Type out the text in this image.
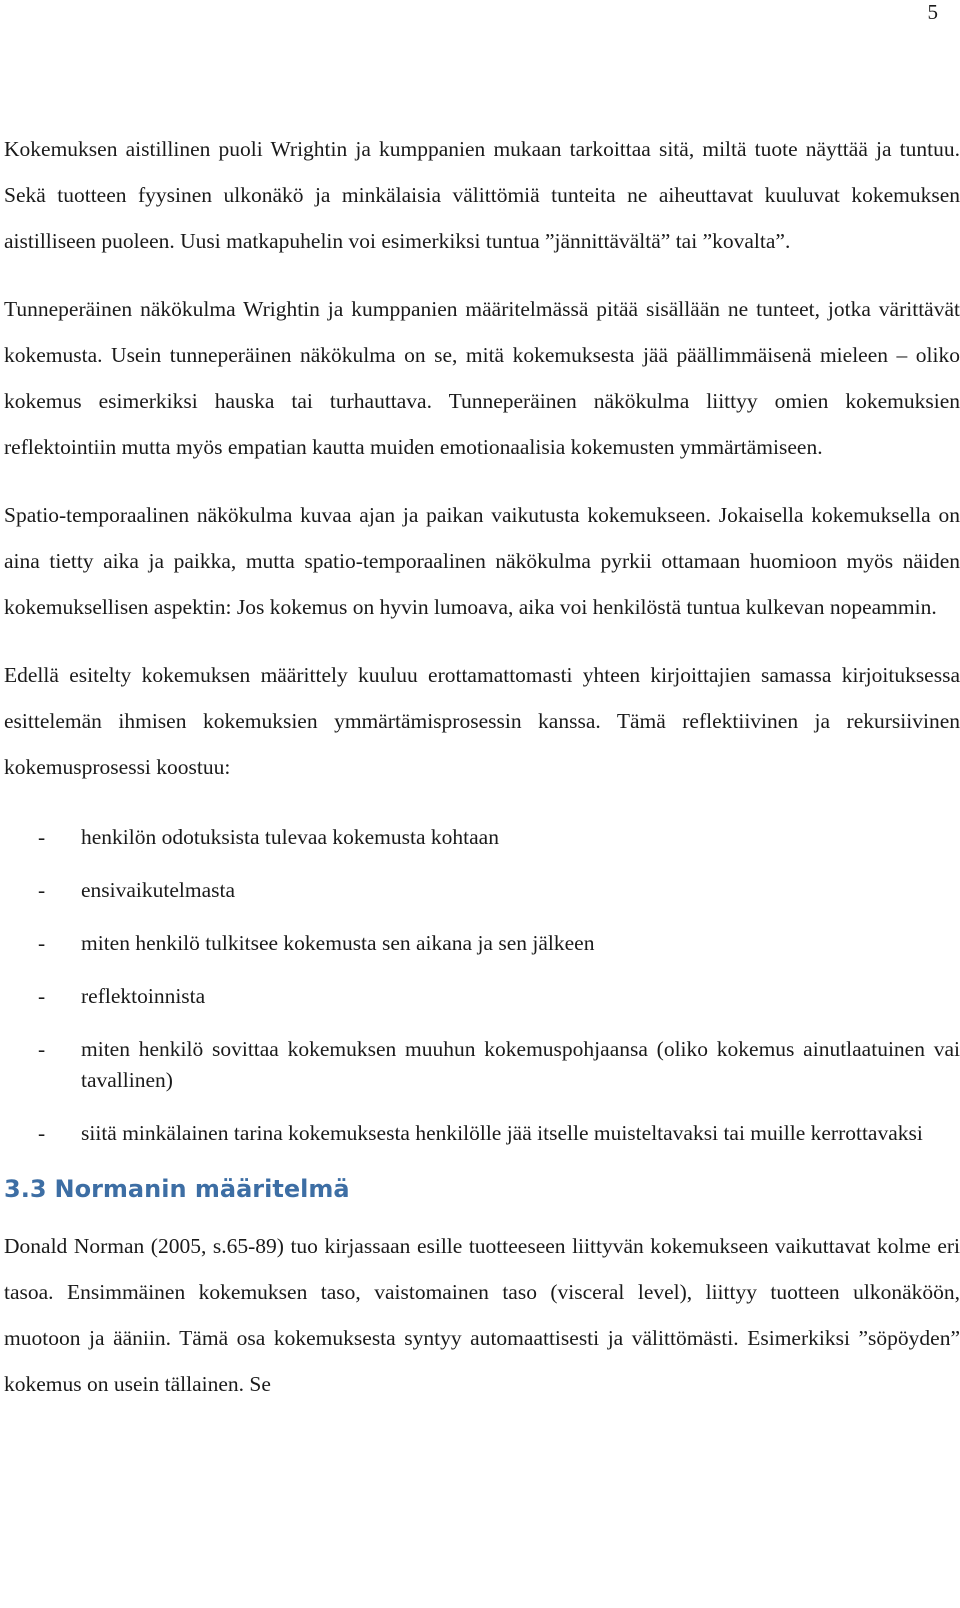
5

Kokemuksen aistillinen puoli Wrightin ja kumppanien mukaan tarkoittaa sitä, miltä tuote näyttää ja tuntuu. Sekä tuotteen fyysinen ulkonäkö ja minkälaisia välittömiä tunteita ne aiheuttavat kuuluvat kokemuksen aistilliseen puoleen. Uusi matkapuhelin voi esimerkiksi tuntua ”jännittävältä” tai ”kovalta”.

Tunneperäinen näkökulma Wrightin ja kumppanien määritelmässä pitää sisällään ne tunteet, jotka värittävät kokemusta. Usein tunneperäinen näkökulma on se, mitä kokemuksesta jää päällimmäisenä mieleen – oliko kokemus esimerkiksi hauska tai turhauttava. Tunneperäinen näkökulma liittyy omien kokemuksien reflektointiin mutta myös empatian kautta muiden emotionaalisia kokemusten ymmärtämiseen.

Spatio-temporaalinen näkökulma kuvaa ajan ja paikan vaikutusta kokemukseen. Jokaisella kokemuksella on aina tietty aika ja paikka, mutta spatio-temporaalinen näkökulma pyrkii ottamaan huomioon myös näiden kokemuksellisen aspektin: Jos kokemus on hyvin lumoava, aika voi henkilöstä tuntua kulkevan nopeammin.

Edellä esitelty kokemuksen määrittely kuuluu erottamattomasti yhteen kirjoittajien samassa kirjoituksessa esittelemän ihmisen kokemuksien ymmärtämisprosessin kanssa. Tämä reflektiivinen ja rekursiivinen kokemusprosessi koostuu:

- henkilön odotuksista tulevaa kokemusta kohtaan
- ensivaikutelmasta
- miten henkilö tulkitsee kokemusta sen aikana ja sen jälkeen
- reflektoinnista
- miten henkilö sovittaa kokemuksen muuhun kokemuspohjaansa (oliko kokemus ainutlaatuinen vai tavallinen)
- siitä minkälainen tarina kokemuksesta henkilölle jää itselle muisteltavaksi tai muille kerrottavaksi
3.3 Normanin määritelmä

Donald Norman (2005, s.65-89) tuo kirjassaan esille tuotteeseen liittyvän kokemukseen vaikuttavat kolme eri tasoa. Ensimmäinen kokemuksen taso, vaistomainen taso (visceral level), liittyy tuotteen ulkonäköön, muotoon ja ääniin. Tämä osa kokemuksesta syntyy automaattisesti ja välittömästi. Esimerkiksi ”söpöyden” kokemus on usein tällainen. Se
